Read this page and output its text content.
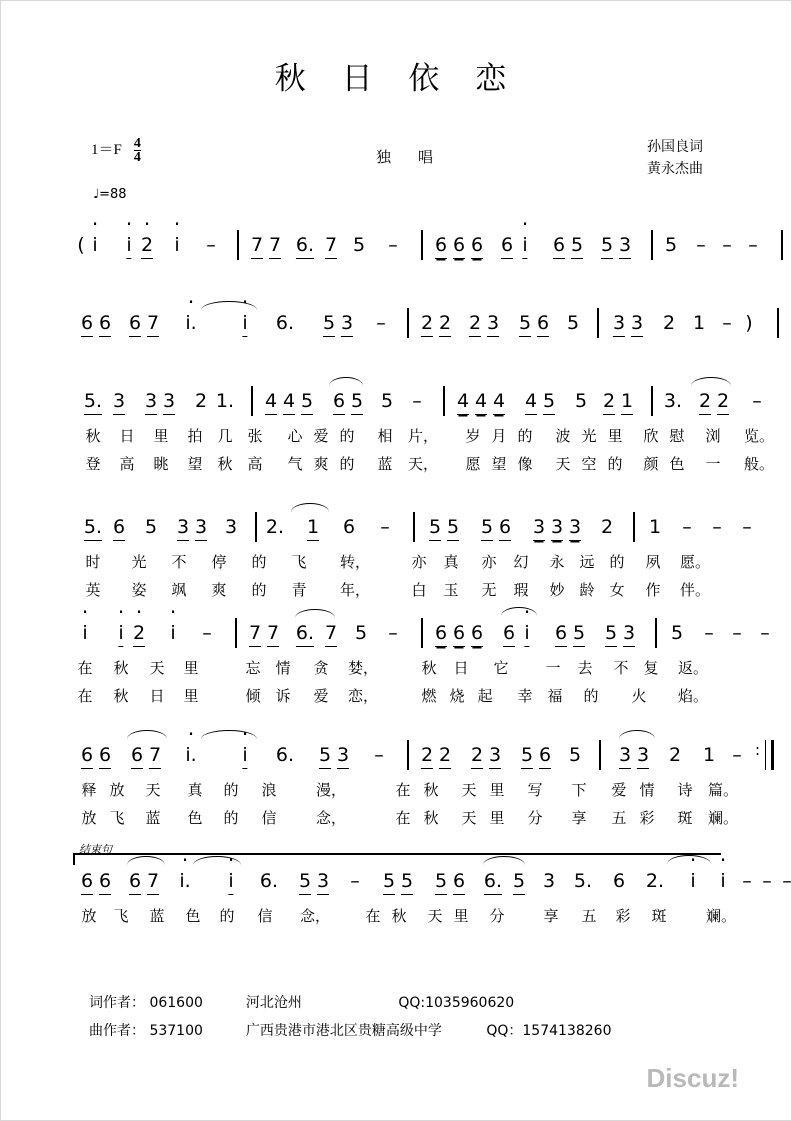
秋 日 依 恋
$1=F \frac{4}{4}$	独　唱
孙国良词
黄永杰曲
♩=88
( i · i · 2 · i · – 7 7 6. 7 5 – 6 6 6 6 i · 6 5 5 3 5 – – –
6 6 6 7 i. · i · 6. 5 3 – 2 2 2 3 5 6 5 3 3 2 1 – )
5. 3 3 3 2 1. 4 4 5 6 5 5 – 4 4 4 4 5 5 2 1 3. 2 2 –
秋 日 里 拍 几 张 心 爱 的 相 片， 岁 月 的 波 光 里 欣 慰 浏 览。
登 高 眺 望 秋 高 气 爽 的 蓝 天， 愿 望 像 天 空 的 颜 色 一 般。
5. 6 5 3 3 3 2. 1 6 – 5 5 5 6 3 3 3 2 1 – – –
时 光 不 停 的 飞 转，	亦 真 亦 幻 永 远 的 夙 愿。
英 姿 飒 爽 的 青 年，	白 玉 无 瑕 妙 龄 女 作 伴。
i · i · 2 · i · – 7 7 6. 7 5 – 6 6 6 6 i · 6 5 5 3 5 – – –
在 秋 天 里	忘 情 贪 婪，	秋 日 它 一 去 不 复 返。
在 秋 日 里	倾 诉 爱 恋，	燃 烧 起 幸 福 的 火 焰。
6 6 6 7 i. · i · 6. 5 3 – 2 2 2 3 5 6 5 3 3 2 1 – :
释 放 天 真 的 浪	漫，	在 秋 天 里 写 下 爱 情 诗 篇。
放 飞 蓝 色 的 信	念，	在 秋 天 里 分 享 五 彩 斑 斓。
结束句
6 6 6 7 i. · i · 6. 5 3 – 5 5 5 6 6. 5 3 5. 6 2. i · i · – – –
放 飞 蓝 色 的 信 念， 在 秋 天 里 分	享 五 彩 斑	斓。
词作者： 061600	河北沧州	QQ:1035960620
曲作者： 537100	广西贵港市港北区贵糖高级中学	QQ：1574138260
Discuz!
